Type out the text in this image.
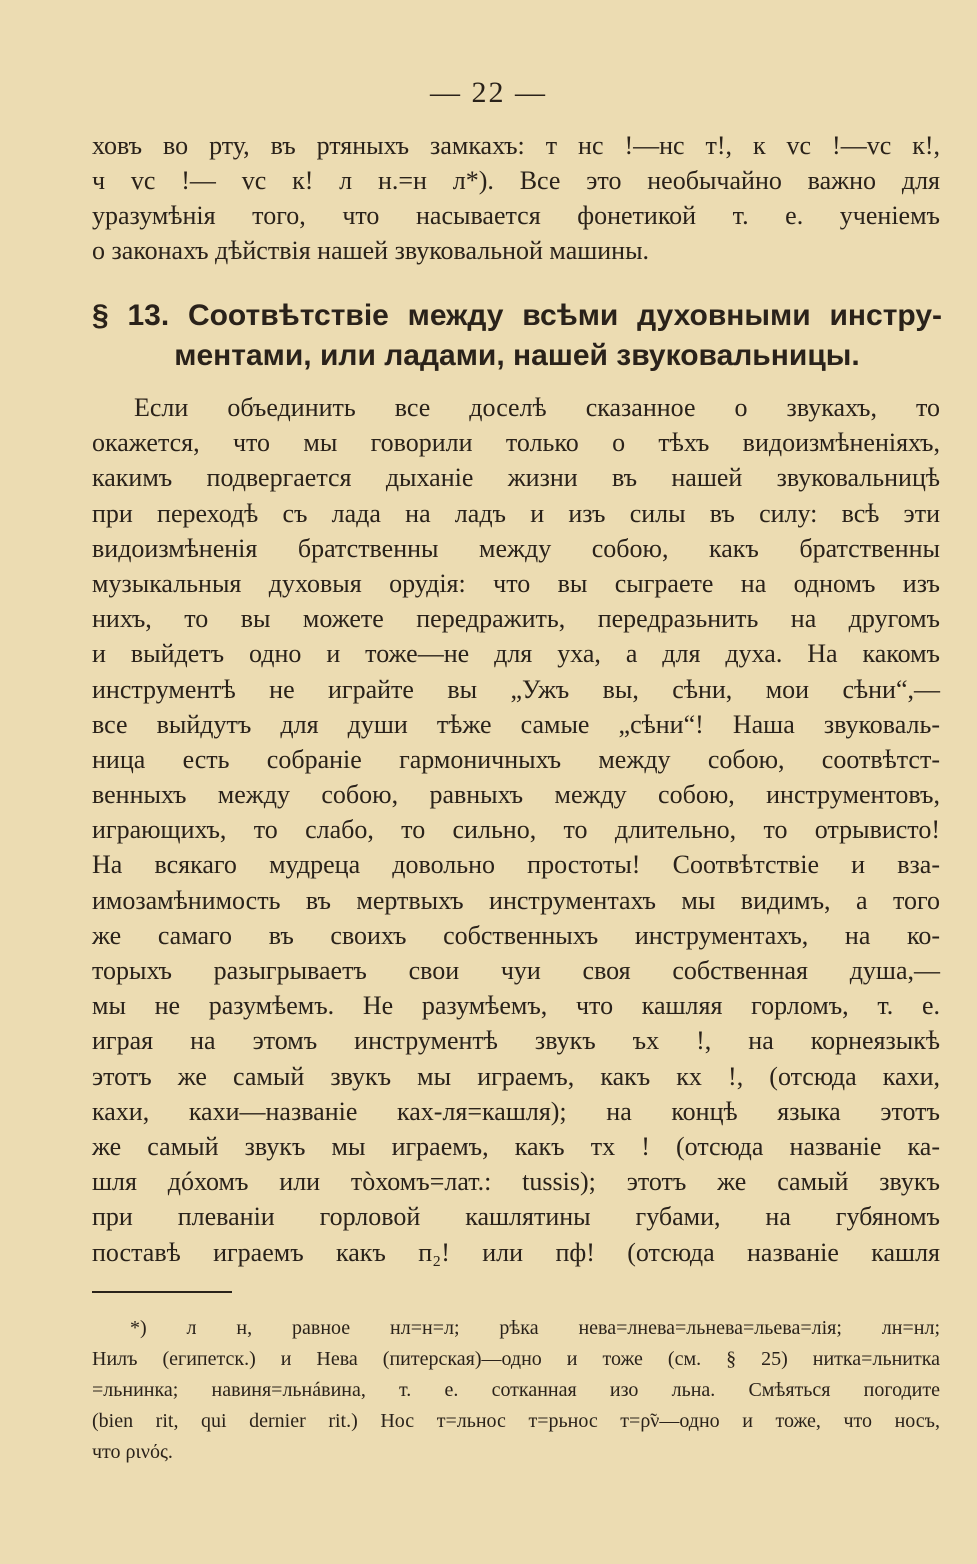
— 22 —
ховъ во рту, въ ртяныхъ замкахъ: т нс !—нс т!, к vс !—vс к!,
ч vс !— vс к! л н.=н л*). Все это необычайно важно для
уразумѣнія того, что насывается фонетикой т. е. ученіемъ
о законахъ дѣйствія нашей звуковальной машины.
§ 13. Соотвѣтствіе между всѣми духовными инстру-
ментами, или ладами, нашей звуковальницы.
Если объединить все доселѣ сказанное о звукахъ, то
окажется, что мы говорили только о тѣхъ видоизмѣненіяхъ,
какимъ подвергается дыханіе жизни въ нашей звуковальницѣ
при переходѣ съ лада на ладъ и изъ силы въ силу: всѣ эти
видоизмѣненія братственны между собою, какъ братственны
музыкальныя духовыя орудія: что вы сыграете на одномъ изъ
нихъ, то вы можете передражить, передразьнить на другомъ
и выйдетъ одно и тоже—не для уха, а для духа. На какомъ
инструментѣ не играйте вы „Ужъ вы, сѣни, мои сѣни“,—
все выйдутъ для души тѣже самые „сѣни“! Наша звуковаль-
ница есть собраніе гармоничныхъ между собою, соотвѣтст-
венныхъ между собою, равныхъ между собою, инструментовъ,
играющихъ, то слабо, то сильно, то длительно, то отрывисто!
На всякаго мудреца довольно простоты! Соотвѣтствіе и вза-
имозамѣнимость въ мертвыхъ инструментахъ мы видимъ, а того
же самаго въ своихъ собственныхъ инструментахъ, на ко-
торыхъ разыгрываетъ свои чуи своя собственная душа,—
мы не разумѣемъ. Не разумѣемъ, что кашляя горломъ, т. е.
играя на этомъ инструментѣ звукъ ъх !, на корнеязыкѣ
этотъ же самый звукъ мы играемъ, какъ кх !, (отсюда кахи,
кахи, кахи—названіе ках-ля=кашля); на концѣ языка этотъ
же самый звукъ мы играемъ, какъ тх ! (отсюда названіе ка-
шля дóхомъ или тòхомъ=лат.: tussis); этотъ же самый звукъ
при плеваніи горловой кашлятины губами, на губяномъ
поставѣ играемъ какъ п₂! или пф! (отсюда названіе кашля
*) л н, равное нл=н=л; рѣка нева=лнева=льнева=льева=лія; лн=нл;
Нилъ (египетск.) и Нева (питерская)—одно и тоже (см. § 25) нитка=льнитка
=льнинка; навиня=льнáвина, т. е. сотканная изо льна. Смѣяться погодите
(bien rit, qui dernier rit.) Нос т=льнос т=рьнос т=ρ̃ν—одно и тоже, что носъ,
что ρινός.
